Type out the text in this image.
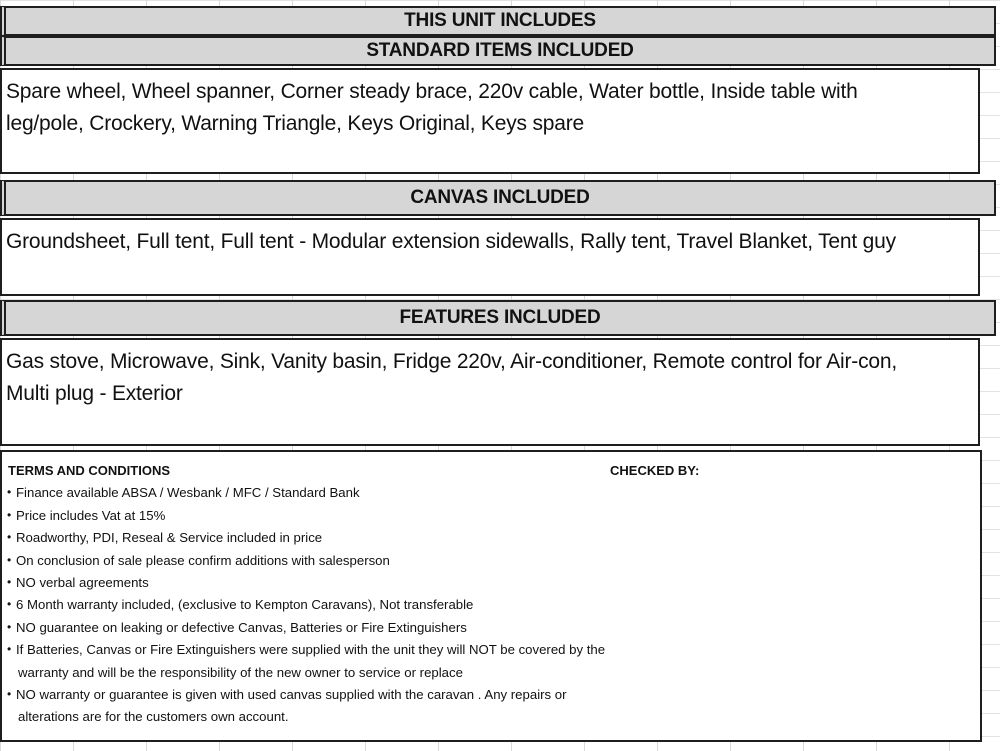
THIS UNIT INCLUDES
STANDARD ITEMS INCLUDED
Spare wheel, Wheel spanner, Corner steady brace, 220v cable, Water bottle, Inside table with
leg/pole, Crockery, Warning Triangle, Keys Original, Keys spare
CANVAS INCLUDED
Groundsheet, Full tent, Full tent - Modular extension sidewalls, Rally tent, Travel Blanket, Tent guy
FEATURES INCLUDED
Gas stove, Microwave, Sink, Vanity basin, Fridge 220v, Air-conditioner, Remote control for Air-con,
Multi plug - Exterior
TERMS AND CONDITIONS	CHECKED BY:
• Finance available ABSA / Wesbank / MFC / Standard Bank
• Price includes Vat at 15%
• Roadworthy, PDI, Reseal & Service included in price
• On conclusion of sale please confirm additions with salesperson
• NO verbal agreements
• 6 Month warranty included, (exclusive to Kempton Caravans), Not transferable
• NO guarantee on leaking or defective Canvas, Batteries or Fire Extinguishers
• If Batteries, Canvas or Fire Extinguishers were supplied with the unit they will NOT be covered by the
warranty and will be the responsibility of the new owner to service or replace
• NO warranty or guarantee is given with used canvas supplied with the caravan . Any repairs or
alterations are for the customers own account.
